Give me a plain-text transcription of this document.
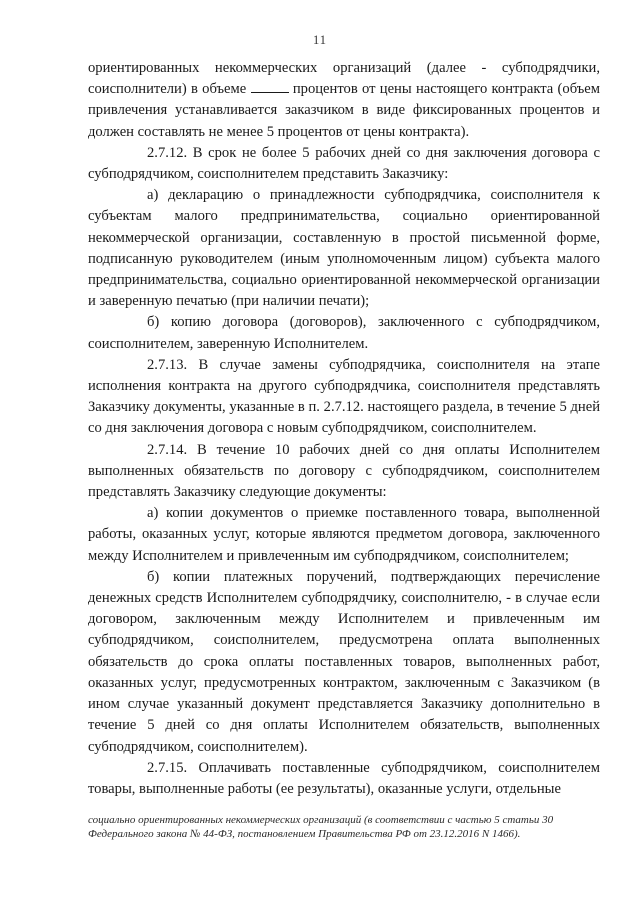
11

ориентированных некоммерческих организаций (далее - субподрядчики, соисполнители) в объеме	процентов от цены настоящего контракта (объем привлечения устанавливается заказчиком в виде фиксированных процентов и должен составлять не менее 5 процентов от цены контракта).

2.7.12. В срок не более 5 рабочих дней со дня заключения договора с субподрядчиком, соисполнителем представить Заказчику:

а) декларацию о принадлежности субподрядчика, соисполнителя к субъектам малого предпринимательства, социально ориентированной некоммерческой организации, составленную в простой письменной форме, подписанную руководителем (иным уполномоченным лицом) субъекта малого предпринимательства, социально ориентированной некоммерческой организации и заверенную печатью (при наличии печати);

б) копию договора (договоров), заключенного с субподрядчиком, соисполнителем, заверенную Исполнителем.

2.7.13. В случае замены субподрядчика, соисполнителя на этапе исполнения контракта на другого субподрядчика, соисполнителя представлять Заказчику документы, указанные в п. 2.7.12. настоящего раздела, в течение 5 дней со дня заключения договора с новым субподрядчиком, соисполнителем.

2.7.14. В течение 10 рабочих дней со дня оплаты Исполнителем выполненных обязательств по договору с субподрядчиком, соисполнителем представлять Заказчику следующие документы:

а) копии документов о приемке поставленного товара, выполненной работы, оказанных услуг, которые являются предметом договора, заключенного между Исполнителем и привлеченным им субподрядчиком, соисполнителем;

б) копии платежных поручений, подтверждающих перечисление денежных средств Исполнителем субподрядчику, соисполнителю, - в случае если договором, заключенным между Исполнителем и привлеченным им субподрядчиком, соисполнителем, предусмотрена оплата выполненных обязательств до срока оплаты поставленных товаров, выполненных работ, оказанных услуг, предусмотренных контрактом, заключенным с Заказчиком (в ином случае указанный документ представляется Заказчику дополнительно в течение 5 дней со дня оплаты Исполнителем обязательств, выполненных субподрядчиком, соисполнителем).

2.7.15. Оплачивать поставленные субподрядчиком, соисполнителем товары, выполненные работы (ее результаты), оказанные услуги, отдельные

социально ориентированных некоммерческих организаций (в соответствии с частью 5 статьи 30
Федерального закона № 44-ФЗ, постановлением Правительства РФ от 23.12.2016 N 1466).
